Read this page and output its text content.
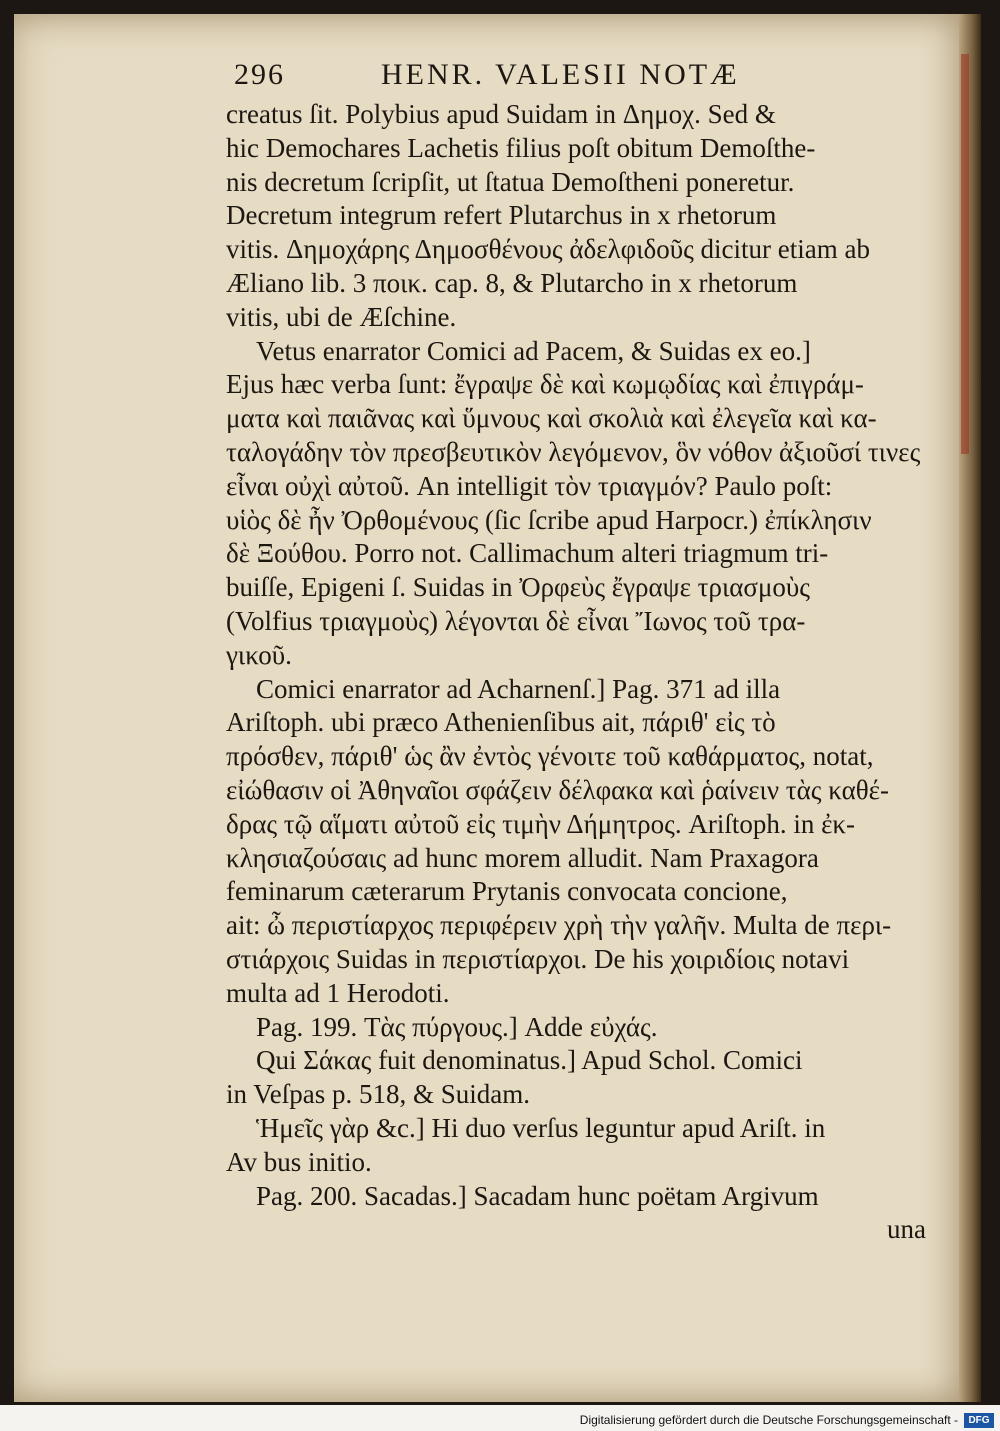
296	HENR. VALESII NOTÆ
creatus ſit. Polybius apud Suidam in Δημοχ. Sed &
hic Demochares Lachetis filius poſt obitum Demoſthe-
nis decretum ſcripſit, ut ſtatua Demoſtheni poneretur.
Decretum integrum refert Plutarchus in x rhetorum
vitis. Δημοχάρης Δημοσθένους ἀδελφιδοῦς dicitur etiam ab
Æliano lib. 3 ποικ. cap. 8, & Plutarcho in x rhetorum
vitis, ubi de Æſchine.
Vetus enarrator Comici ad Pacem, & Suidas ex eo.]
Ejus hæc verba ſunt: ἔγραψε δὲ καὶ κωμῳδίας καὶ ἐπιγράμ-
ματα καὶ παιᾶνας καὶ ὕμνους καὶ σκολιὰ καὶ ἐλεγεῖα καὶ κα-
ταλογάδην τὸν πρεσβευτικὸν λεγόμενον, ὃν νόθον ἀξιοῦσί τινες
εἶναι οὐχὶ αὐτοῦ. An intelligit τὸν τριαγμόν? Paulo poſt:
υἱὸς δὲ ἦν Ὀρθομένους (ſic ſcribe apud Harpocr.) ἐπίκλησιν
δὲ Ξούθου. Porro not. Callimachum alteri triagmum tri-
buiſſe, Epigeni ſ. Suidas in Ὀρφεὺς ἔγραψε τριασμοὺς
(Volfius τριαγμοὺς) λέγονται δὲ εἶναι Ἴωνος τοῦ τρα-
γικοῦ.
Comici enarrator ad Acharnenſ.] Pag. 371 ad illa
Ariſtoph. ubi præco Athenienſibus ait, πάριθ' εἰς τὸ
πρόσθεν, πάριθ' ὡς ἂν ἐντὸς γένοιτε τοῦ καθάρματος, notat,
εἰώθασιν οἱ Ἀθηναῖοι σφάζειν δέλφακα καὶ ῥαίνειν τὰς καθέ-
δρας τῷ αἵματι αὐτοῦ εἰς τιμὴν Δήμητρος. Ariſtoph. in ἐκ-
κλησιαζούσαις ad hunc morem alludit. Nam Praxagora
feminarum cæterarum Prytanis convocata concione,
ait: ὦ περιστίαρχος περιφέρειν χρὴ τὴν γαλῆν. Multa de περι-
στιάρχοις Suidas in περιστίαρχοι. De his χοιριδίοις notavi
multa ad 1 Herodoti.
Pag. 199. Τὰς πύργους.] Adde εὐχάς.
Qui Σάκας fuit denominatus.] Apud Schol. Comici
in Veſpas p. 518, & Suidam.
Ἡμεῖς γὰρ &c.] Hi duo verſus leguntur apud Ariſt. in
Av bus initio.
Pag. 200. Sacadas.] Sacadam hunc poëtam Argivum
una
Digitalisierung gefördert durch die Deutsche Forschungsgemeinschaft -	DFG
